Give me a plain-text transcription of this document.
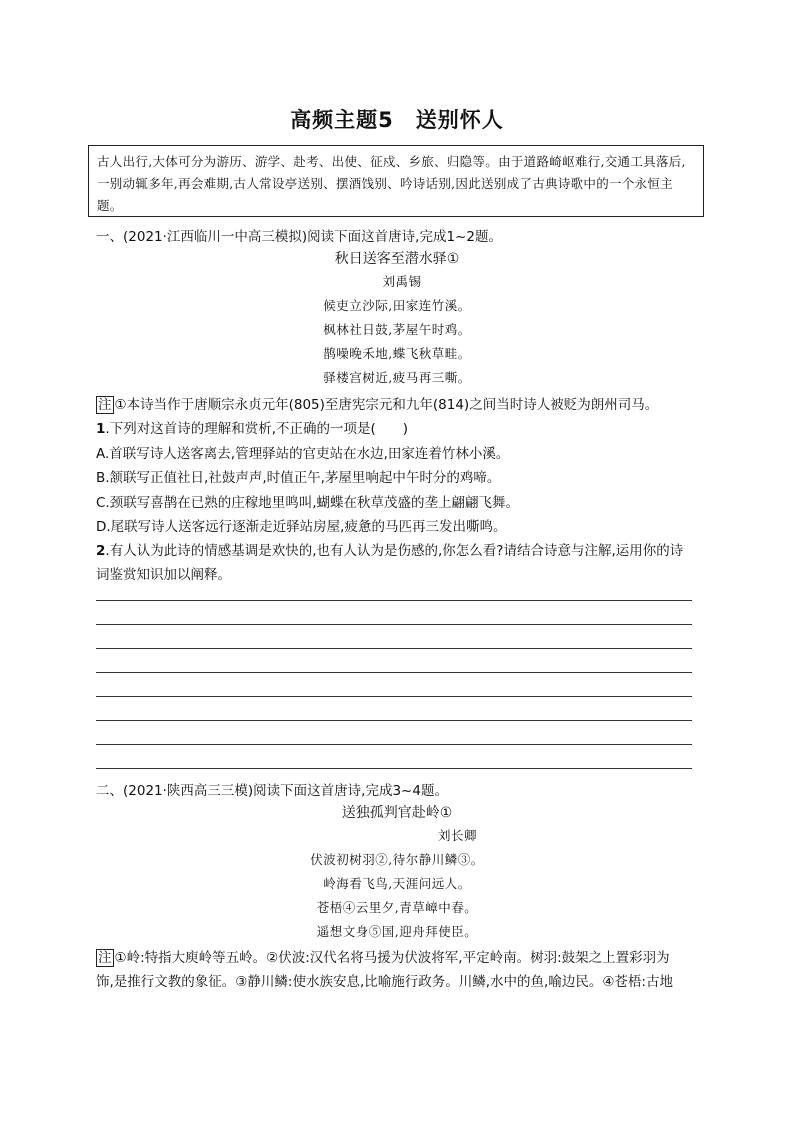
高频主题5　送别怀人
古人出行,大体可分为游历、游学、赴考、出使、征戍、乡旅、归隐等。由于道路崎岖难行,交通工具落后,一别动辄多年,再会难期,古人常设亭送别、摆酒饯别、吟诗话别,因此送别成了古典诗歌中的一个永恒主题。
一、(2021·江西临川一中高三模拟)阅读下面这首唐诗,完成1~2题。
秋日送客至潜水驿①
刘禹锡
候吏立沙际,田家连竹溪。
枫林社日鼓,茅屋午时鸡。
鹊噪晚禾地,蝶飞秋草畦。
驿楼宫树近,疲马再三嘶。
注 ①本诗当作于唐顺宗永贞元年(805)至唐宪宗元和九年(814)之间当时诗人被贬为朗州司马。
1.下列对这首诗的理解和赏析,不正确的一项是(　　)
A.首联写诗人送客离去,管理驿站的官吏站在水边,田家连着竹林小溪。
B.颔联写正值社日,社鼓声声,时值正午,茅屋里响起中午时分的鸡啼。
C.颈联写喜鹊在已熟的庄稼地里鸣叫,蝴蝶在秋草茂盛的垄上翩翩飞舞。
D.尾联写诗人送客远行逐渐走近驿站房屋,疲惫的马匹再三发出嘶鸣。
2.有人认为此诗的情感基调是欢快的,也有人认为是伤感的,你怎么看?请结合诗意与注解,运用你的诗
词鉴赏知识加以阐释。
二、(2021·陕西高三三模)阅读下面这首唐诗,完成3~4题。
送独孤判官赴岭①
刘长卿
伏波初树羽②,待尔静川鳞③。
岭海看飞鸟,天涯问远人。
苍梧④云里夕,青草嶂中春。
遥想文身⑤国,迎舟拜使臣。
注 ①岭:特指大庾岭等五岭。②伏波:汉代名将马援为伏波将军,平定岭南。树羽:鼓架之上置彩羽为
饰,是推行文教的象征。③静川鳞:使水族安息,比喻施行政务。川鳞,水中的鱼,喻边民。④苍梧:古地
